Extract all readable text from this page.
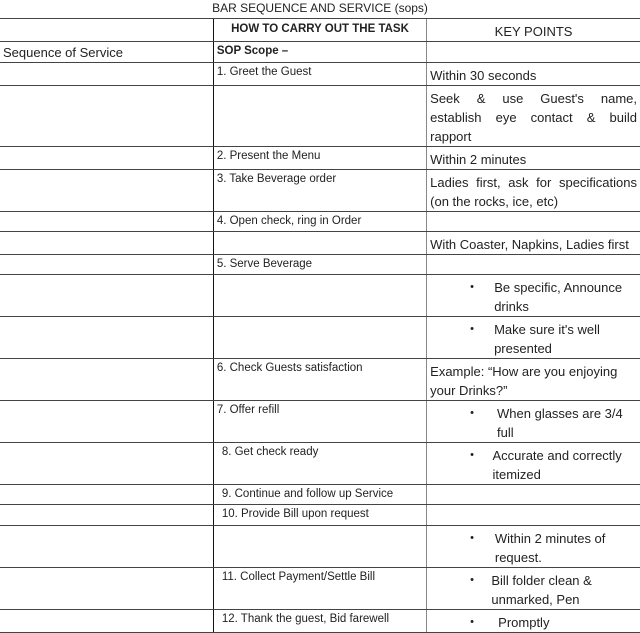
BAR SEQUENCE AND SERVICE (sops)		
	HOW TO CARRY OUT THE TASK	KEY POINTS
Sequence of Service	SOP Scope –	
	1. Greet the Guest	Within 30 seconds
		Seek & use Guest's name, establish eye contact & build rapport
	2. Present the Menu	Within 2 minutes
	3. Take Beverage order	Ladies first, ask for specifications (on the rocks, ice, etc)
	4. Open check, ring in Order	
		With Coaster, Napkins, Ladies first
	5. Serve Beverage	

		• Be specific, Announce drinks

		• Make sure it's well presented

	6. Check Guests satisfaction	Example: “How are you enjoying your Drinks?”
	7. Offer refill	• When glasses are 3/4 full

	8. Get check ready	• Accurate and correctly itemized

	9. Continue and follow up Service	
	10. Provide Bill upon request	

		• Within 2 minutes of request.

	11. Collect Payment/Settle Bill	• Bill folder clean & unmarked, Pen

	12. Thank the guest, Bid farewell	• Promptly
